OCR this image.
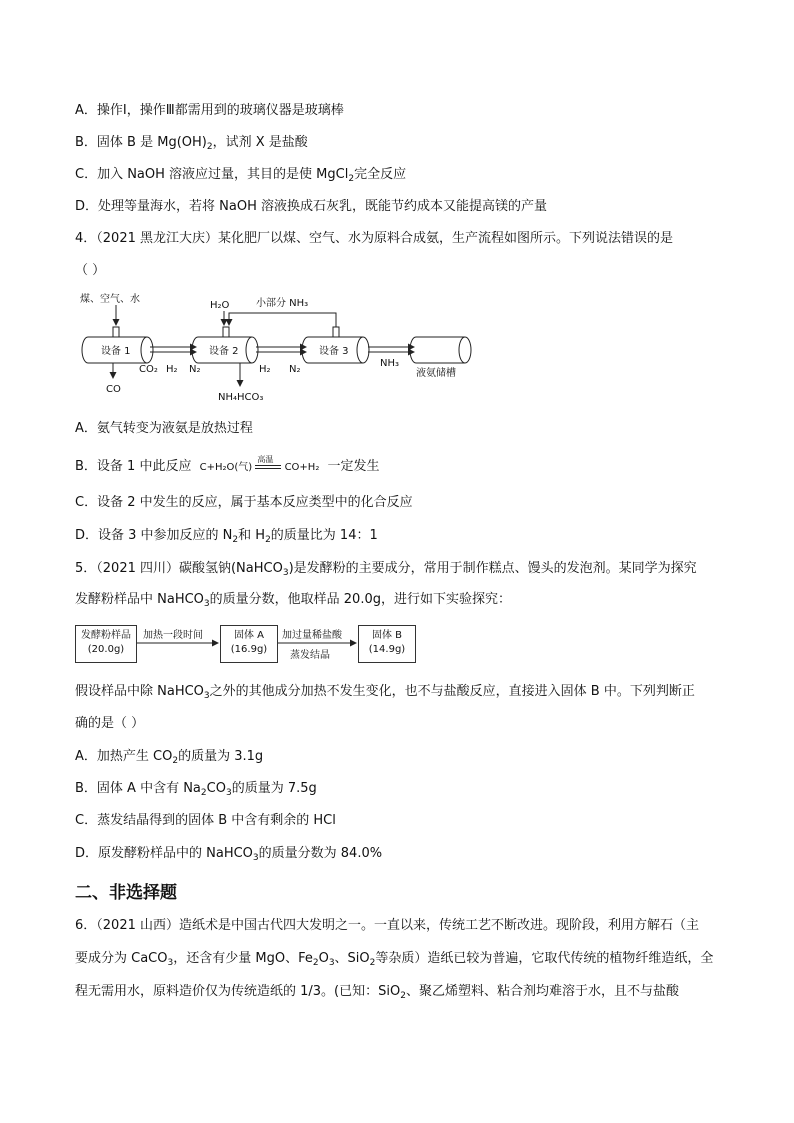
A．操作Ⅰ，操作Ⅲ都需用到的玻璃仪器是玻璃棒
B．固体 B 是 $Mg(OH)_2$，试剂 X 是盐酸
C．加入 NaOH 溶液应过量，其目的是使 MgCl$_2$完全反应
D．处理等量海水，若将 NaOH 溶液换成石灰乳，既能节约成本又能提高镁的产量
4．（2021 黑龙江大庆）某化肥厂以煤、空气、水为原料合成氨，生产流程如图所示。下列说法错误的是
（ ）
煤、空气、水
H₂O	小部分 NH₃
设备 1	设备 2	设备 3
液氨储槽
CO
CO₂ H₂ N₂
NH₄HCO₃
H₂ N₂
NH₃
A．氨气转变为液氨是放热过程
B．设备 1 中此反应 C+H₂O(气)
高温
CO+H₂ 一定发生
C．设备 2 中发生的反应，属于基本反应类型中的化合反应
D．设备 3 中参加反应的 $N_2$和 $H_2$的质量比为 14：1
5．（2021 四川）碳酸氢钠(NaHCO$_3$)是发酵粉的主要成分，常用于制作糕点、馒头的发泡剂。某同学为探究
发酵粉样品中 NaHCO$_3$的质量分数，他取样品 20.0g，进行如下实验探究：
发酵粉样品
(20.0g)
固体 A
(16.9g)
固体 B
(14.9g)
加热一段时间	加过量稀盐酸
蒸发结晶
假设样品中除 NaHCO$_3$之外的其他成分加热不发生变化，也不与盐酸反应，直接进入固体 B 中。下列判断正
确的是（ ）
A．加热产生 $CO_2$的质量为 3.1g
B．固体 A 中含有 $Na_2CO_3$的质量为 7.5g
C．蒸发结晶得到的固体 B 中含有剩余的 HCl
D．原发酵粉样品中的 NaHCO$_3$的质量分数为 84.0%
二、非选择题
6．（2021 山西）造纸术是中国古代四大发明之一。一直以来，传统工艺不断改进。现阶段，利用方解石（主
要成分为 CaCO$_3$，还含有少量 MgO、$Fe_2O_3$、SiO$_2$等杂质）造纸已较为普遍，它取代传统的植物纤维造纸，全
程无需用水，原料造价仅为传统造纸的 1/3。(已知：SiO$_2$、聚乙烯塑料、粘合剂均难溶于水，且不与盐酸
